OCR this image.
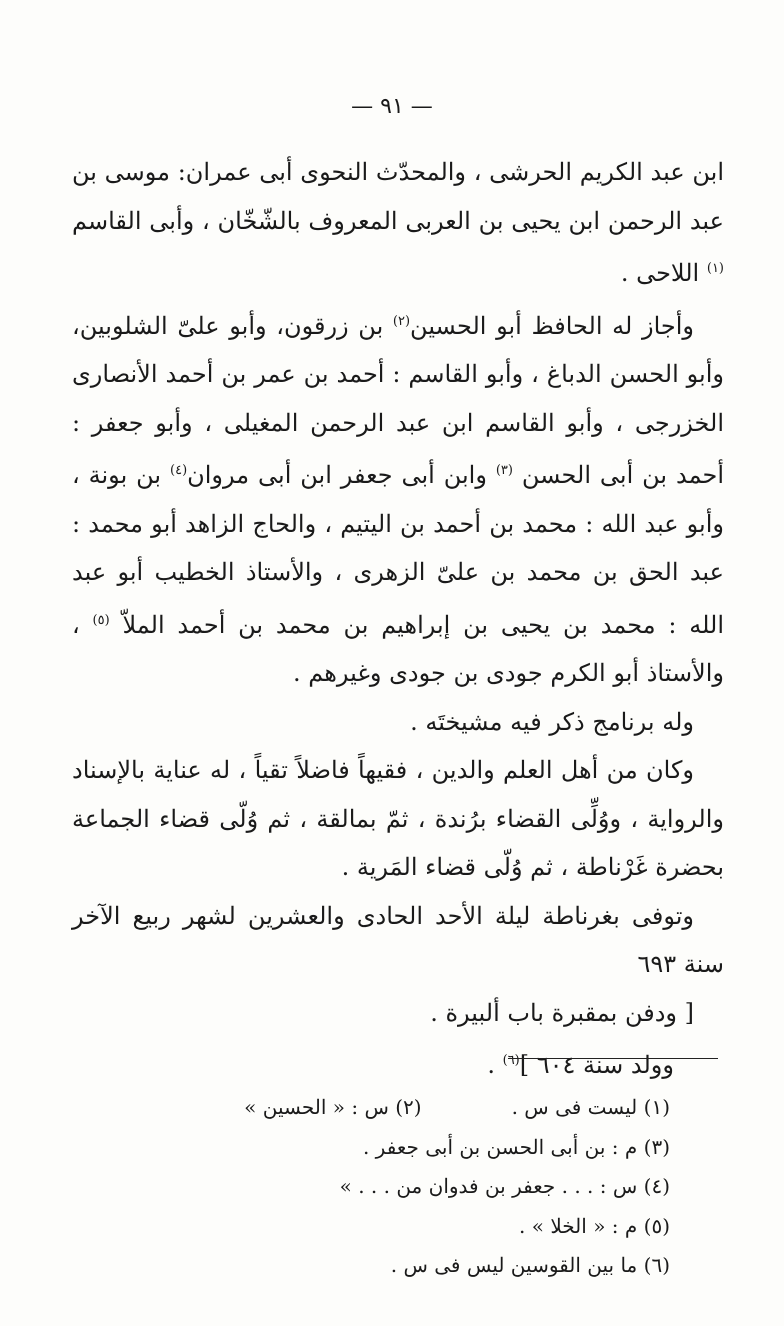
— ٩١ —

ابن عبد الكريم الحرشى ، والمحدّث النحوى أبى عمران: موسى بن عبد الرحمن ابن يحيى بن العربى المعروف بالشّخّان ، وأبى القاسم $^{(١)}$ اللاحى .

وأجاز له الحافظ أبو الحسين$^{(٢)}$ بن زرقون، وأبو علىّ الشلوبين، وأبو الحسن الدباغ ، وأبو القاسم : أحمد بن عمر بن أحمد الأنصارى الخزرجى ، وأبو القاسم ابن عبد الرحمن المغيلى ، وأبو جعفر : أحمد بن أبى الحسن $^{(٣)}$ وابن أبى جعفر ابن أبى مروان$^{(٤)}$ بن بونة ، وأبو عبد الله : محمد بن أحمد بن اليتيم ، والحاج الزاهد أبو محمد : عبد الحق بن محمد بن علىّ الزهرى ، والأستاذ الخطيب أبو عبد الله : محمد بن يحيى بن إبراهيم بن محمد بن أحمد الملاّ $^{(٥)}$ ، والأستاذ أبو الكرم جودى بن جودى وغيرهم .

وله برنامج ذكر فيه مشيختَه .

وكان من أهل العلم والدين ، فقيهاً فاضلاً تقياً ، له عناية بالإسناد والرواية ، ووُلِّى القضاء برُندة ، ثمّ بمالقة ، ثم وُلّى قضاء الجماعة بحضرة غَرْناطة ، ثم وُلّى قضاء المَرية .

وتوفى بغرناطة ليلة الأحد الحادى والعشرين لشهر ربيع الآخر سنة ٦٩٣

[ ودفن بمقبرة باب ألبيرة .

وولد سنة ٦٠٤ ]$^{(٦)}$ .

(١) ليست فى س .(٢) س : « الحسين »
(٣) م : بن أبى الحسن بن أبى جعفر .
(٤) س : . . . جعفر بن فدوان من . . . »
(٥) م : « الخلا » .
(٦) ما بين القوسين ليس فى س .
